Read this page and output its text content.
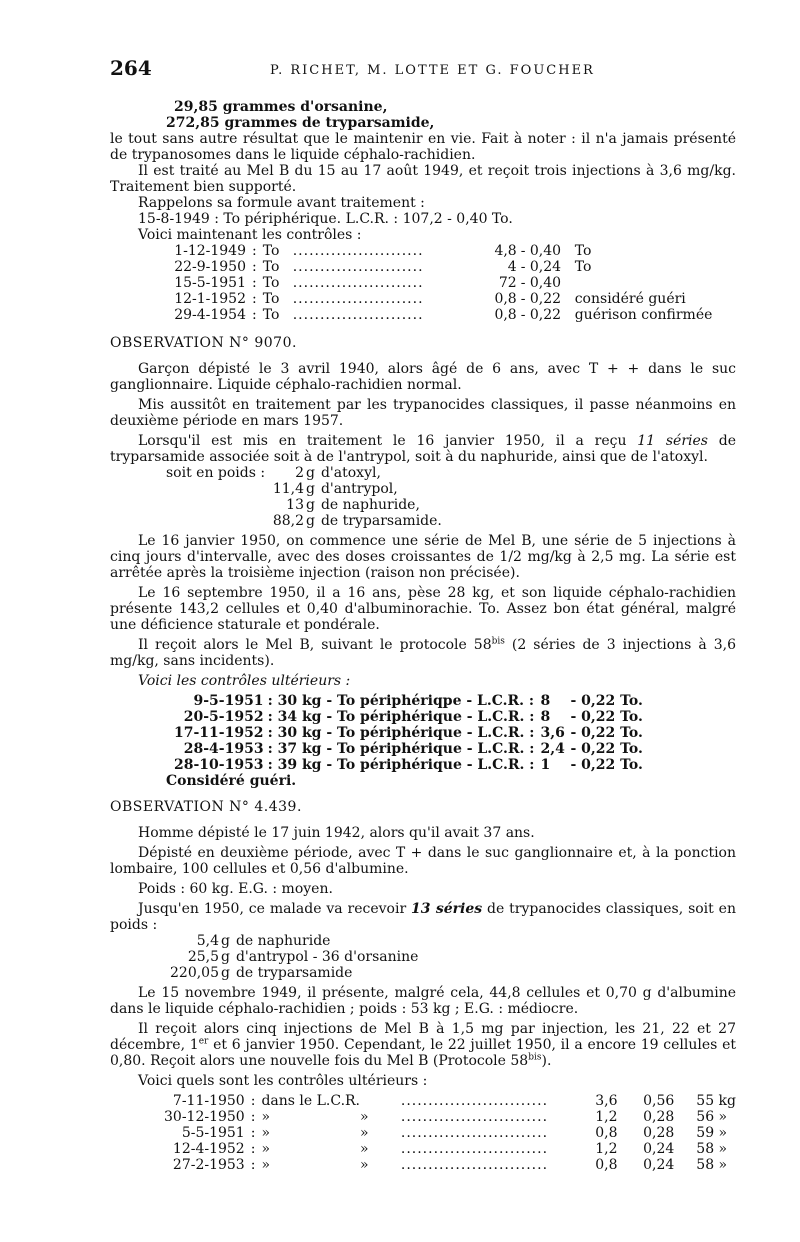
264	P. RICHET, M. LOTTE ET G. FOUCHER
29,85 grammes d'orsanine,
272,85 grammes de tryparsamide,

le tout sans autre résultat que le maintenir en vie. Fait à noter : il n'a jamais présenté de trypanosomes dans le liquide céphalo-rachidien.

Il est traité au Mel B du 15 au 17 août 1949, et reçoit trois injections à 3,6 mg/kg. Traitement bien supporté.

Rappelons sa formule avant traitement :
15-8-1949 : To périphérique. L.C.R. : 107,2 - 0,40 To.
Voici maintenant les contrôles :
1-12-1949	:	To	........................	4,8	- 0,40	To
22-9-1950	:	To	........................	4	- 0,24	To
15-5-1951	:	To	........................	72	- 0,40	
12-1-1952	:	To	........................	0,8	- 0,22	considéré guéri
29-4-1954	:	To	........................	0,8	- 0,22	guérison confirmée
OBSERVATION N° 9070.

Garçon dépisté le 3 avril 1940, alors âgé de 6 ans, avec T + + dans le suc ganglionnaire. Liquide céphalo-rachidien normal.

Mis aussitôt en traitement par les trypanocides classiques, il passe néanmoins en deuxième période en mars 1957.

Lorsqu'il est mis en traitement le 16 janvier 1950, il a reçu 11 séries de tryparsamide associée soit à de l'antrypol, soit à du naphuride, ainsi que de l'atoxyl.

soit en poids :	2	g	d'atoxyl,
11,4	g	d'antrypol,
13	g	de naphuride,
88,2	g	de tryparsamide.

Le 16 janvier 1950, on commence une série de Mel B, une série de 5 injections à cinq jours d'intervalle, avec des doses croissantes de 1/2 mg/kg à 2,5 mg. La série est arrêtée après la troisième injection (raison non précisée).

Le 16 septembre 1950, il a 16 ans, pèse 28 kg, et son liquide céphalo-rachidien présente 143,2 cellules et 0,40 d'albuminorachie. To. Assez bon état général, malgré une déficience staturale et pondérale.

Il reçoit alors le Mel B, suivant le protocole $58^{bis}$ (2 séries de 3 injections à 3,6 mg/kg, sans incidents).

Voici les contrôles ultérieurs :
9-5-1951	: 30 kg - To périphériqpe - L.C.R. :	8	- 0,22 To.
20-5-1952	: 34 kg - To périphérique - L.C.R. :	8	- 0,22 To.
17-11-1952	: 30 kg - To périphérique - L.C.R. :	3,6	- 0,22 To.
28-4-1953	: 37 kg - To périphérique - L.C.R. :	2,4	- 0,22 To.
28-10-1953	: 39 kg - To périphérique - L.C.R. :	1	- 0,22 To.
Considéré guéri.
OBSERVATION N° 4.439.

Homme dépisté le 17 juin 1942, alors qu'il avait 37 ans.

Dépisté en deuxième période, avec T + dans le suc ganglionnaire et, à la ponction lombaire, 100 cellules et 0,56 d'albumine.

Poids : 60 kg. E.G. : moyen.

Jusqu'en 1950, ce malade va recevoir 13 séries de trypanocides classiques, soit en poids :

5,4	g	de naphuride
25,5	g	d'antrypol - 36 d'orsanine
220,05	g	de tryparsamide

Le 15 novembre 1949, il présente, malgré cela, 44,8 cellules et 0,70 g d'albumine dans le liquide céphalo-rachidien ; poids : 53 kg ; E.G. : médiocre.

Il reçoit alors cinq injections de Mel B à 1,5 mg par injection, les 21, 22 et 27 décembre, 1er et 6 janvier 1950. Cependant, le 22 juillet 1950, il a encore 19 cellules et 0,80. Reçoit alors une nouvelle fois du Mel B (Protocole $58^{bis}$).

Voici quels sont les contrôles ultérieurs :
7-11-1950	:	dans le L.C.R.		...........................	3,6	0,56	55 kg
30-12-1950	:	»	»	...........................	1,2	0,28	56 »
5-5-1951	:	»	»	...........................	0,8	0,28	59 »
12-4-1952	:	»	»	...........................	1,2	0,24	58 »
27-2-1953	:	»	»	...........................	0,8	0,24	58 »
